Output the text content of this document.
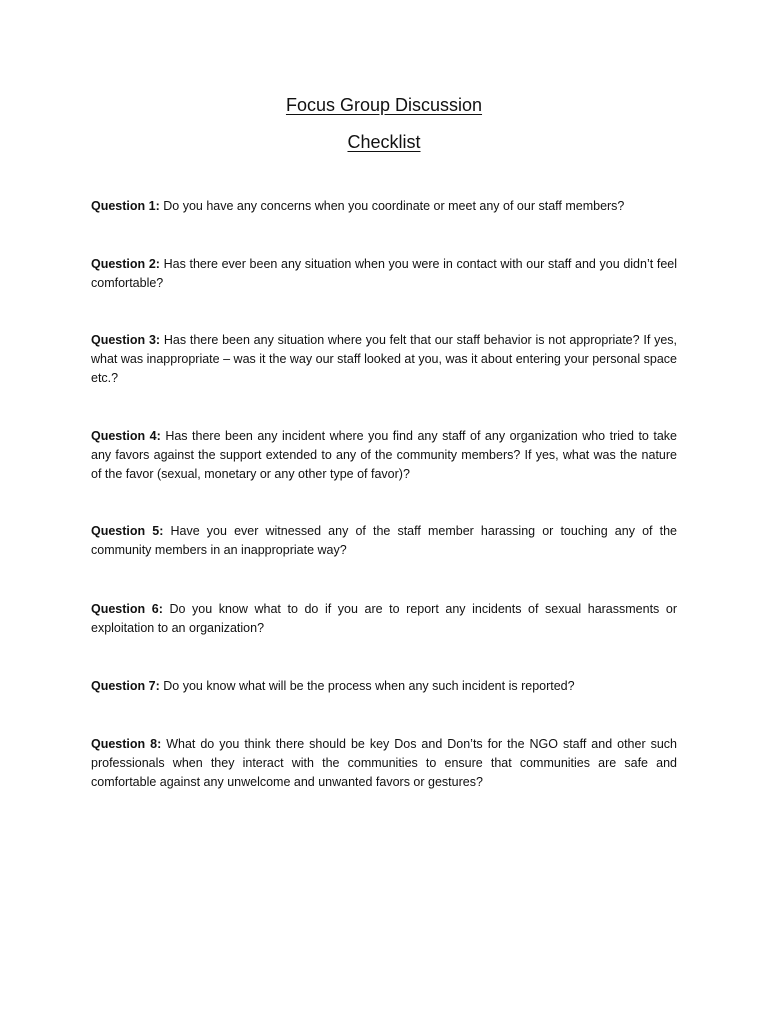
Focus Group Discussion
Checklist

Question 1: Do you have any concerns when you coordinate or meet any of our staff members?

Question 2: Has there ever been any situation when you were in contact with our staff and you didn’t feel comfortable?

Question 3: Has there been any situation where you felt that our staff behavior is not appropriate? If yes, what was inappropriate – was it the way our staff looked at you, was it about entering your personal space etc.?

Question 4: Has there been any incident where you find any staff of any organization who tried to take any favors against the support extended to any of the community members? If yes, what was the nature of the favor (sexual, monetary or any other type of favor)?

Question 5: Have you ever witnessed any of the staff member harassing or touching any of the community members in an inappropriate way?

Question 6: Do you know what to do if you are to report any incidents of sexual harassments or exploitation to an organization?

Question 7: Do you know what will be the process when any such incident is reported?

Question 8: What do you think there should be key Dos and Don’ts for the NGO staff and other such professionals when they interact with the communities to ensure that communities are safe and comfortable against any unwelcome and unwanted favors or gestures?
